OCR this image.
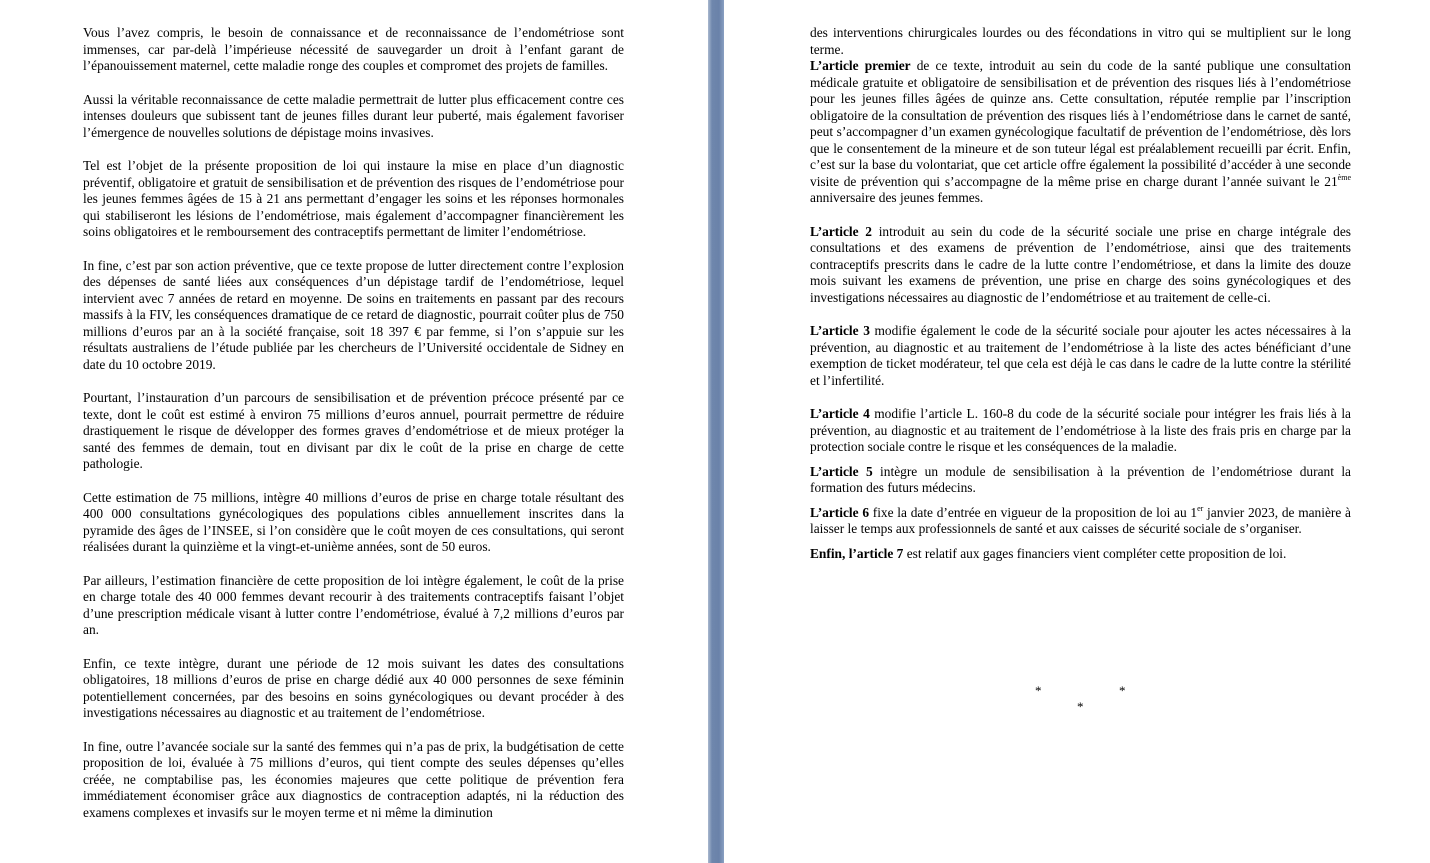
Vous l’avez compris, le besoin de connaissance et de reconnaissance de l’endométriose sont immenses, car par-delà l’impérieuse nécessité de sauvegarder un droit à l’enfant garant de l’épanouissement maternel, cette maladie ronge des couples et compromet des projets de familles.

Aussi la véritable reconnaissance de cette maladie permettrait de lutter plus efficacement contre ces intenses douleurs que subissent tant de jeunes filles durant leur puberté, mais également favoriser l’émergence de nouvelles solutions de dépistage moins invasives.

Tel est l’objet de la présente proposition de loi qui instaure la mise en place d’un diagnostic préventif, obligatoire et gratuit de sensibilisation et de prévention des risques de l’endométriose pour les jeunes femmes âgées de 15 à 21 ans permettant d’engager les soins et les réponses hormonales qui stabiliseront les lésions de l’endométriose, mais également d’accompagner financièrement les soins obligatoires et le remboursement des contraceptifs permettant de limiter l’endométriose.

In fine, c’est par son action préventive, que ce texte propose de lutter directement contre l’explosion des dépenses de santé liées aux conséquences d’un dépistage tardif de l’endométriose, lequel intervient avec 7 années de retard en moyenne. De soins en traitements en passant par des recours massifs à la FIV, les conséquences dramatique de ce retard de diagnostic, pourrait coûter plus de 750 millions d’euros par an à la société française, soit 18 397 € par femme, si l’on s’appuie sur les résultats australiens de l’étude publiée par les chercheurs de l’Université occidentale de Sidney en date du 10 octobre 2019.

Pourtant, l’instauration d’un parcours de sensibilisation et de prévention précoce présenté par ce texte, dont le coût est estimé à environ 75 millions d’euros annuel, pourrait permettre de réduire drastiquement le risque de développer des formes graves d’endométriose et de mieux protéger la santé des femmes de demain, tout en divisant par dix le coût de la prise en charge de cette pathologie.

Cette estimation de 75 millions, intègre 40 millions d’euros de prise en charge totale résultant des 400 000 consultations gynécologiques des populations cibles annuellement inscrites dans la pyramide des âges de l’INSEE, si l’on considère que le coût moyen de ces consultations, qui seront réalisées durant la quinzième et la vingt-et-unième années, sont de 50 euros.

Par ailleurs, l’estimation financière de cette proposition de loi intègre également, le coût de la prise en charge totale des 40 000 femmes devant recourir à des traitements contraceptifs faisant l’objet d’une prescription médicale visant à lutter contre l’endométriose, évalué à 7,2 millions d’euros par an.

Enfin, ce texte intègre, durant une période de 12 mois suivant les dates des consultations obligatoires, 18 millions d’euros de prise en charge dédié aux 40 000 personnes de sexe féminin potentiellement concernées, par des besoins en soins gynécologiques ou devant procéder à des investigations nécessaires au diagnostic et au traitement de l’endométriose.

In fine, outre l’avancée sociale sur la santé des femmes qui n’a pas de prix, la budgétisation de cette proposition de loi, évaluée à 75 millions d’euros, qui tient compte des seules dépenses qu’elles créée, ne comptabilise pas, les économies majeures que cette politique de prévention fera immédiatement économiser grâce aux diagnostics de contraception adaptés, ni la réduction des examens complexes et invasifs sur le moyen terme et ni même la diminution

des interventions chirurgicales lourdes ou des fécondations in vitro qui se multiplient sur le long terme.

L’article premier de ce texte, introduit au sein du code de la santé publique une consultation médicale gratuite et obligatoire de sensibilisation et de prévention des risques liés à l’endométriose pour les jeunes filles âgées de quinze ans. Cette consultation, réputée remplie par l’inscription obligatoire de la consultation de prévention des risques liés à l’endométriose dans le carnet de santé, peut s’accompagner d’un examen gynécologique facultatif de prévention de l’endométriose, dès lors que le consentement de la mineure et de son tuteur légal est préalablement recueilli par écrit. Enfin, c’est sur la base du volontariat, que cet article offre également la possibilité d’accéder à une seconde visite de prévention qui s’accompagne de la même prise en charge durant l’année suivant le 21ème anniversaire des jeunes femmes.

L’article 2 introduit au sein du code de la sécurité sociale une prise en charge intégrale des consultations et des examens de prévention de l’endométriose, ainsi que des traitements contraceptifs prescrits dans le cadre de la lutte contre l’endométriose, et dans la limite des douze mois suivant les examens de prévention, une prise en charge des soins gynécologiques et des investigations nécessaires au diagnostic de l’endométriose et au traitement de celle-ci.

L’article 3 modifie également le code de la sécurité sociale pour ajouter les actes nécessaires à la prévention, au diagnostic et au traitement de l’endométriose à la liste des actes bénéficiant d’une exemption de ticket modérateur, tel que cela est déjà le cas dans le cadre de la lutte contre la stérilité et l’infertilité.

L’article 4 modifie l’article L. 160-8 du code de la sécurité sociale pour intégrer les frais liés à la prévention, au diagnostic et au traitement de l’endométriose à la liste des frais pris en charge par la protection sociale contre le risque et les conséquences de la maladie.

L’article 5 intègre un module de sensibilisation à la prévention de l’endométriose durant la formation des futurs médecins.

L’article 6 fixe la date d’entrée en vigueur de la proposition de loi au 1er janvier 2023, de manière à laisser le temps aux professionnels de santé et aux caisses de sécurité sociale de s’organiser.

Enfin, l’article 7 est relatif aux gages financiers vient compléter cette proposition de loi.

*	*
*
